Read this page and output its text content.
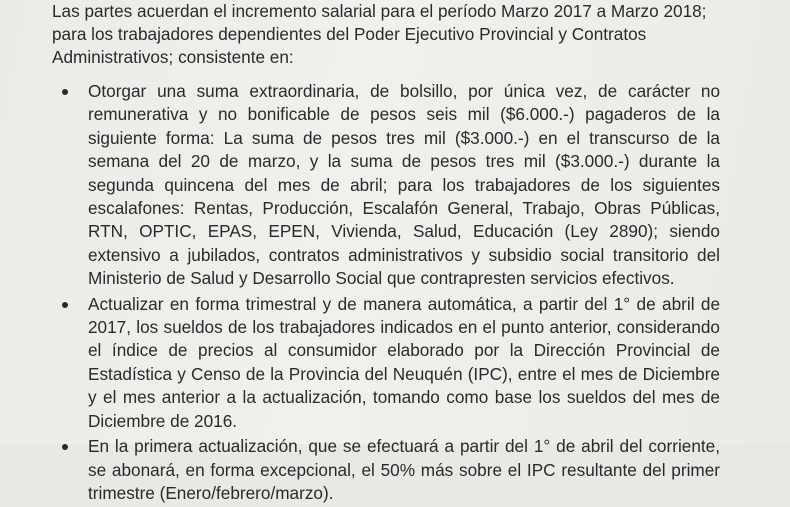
Las partes acuerdan el incremento salarial para el período Marzo 2017 a Marzo 2018; para los trabajadores dependientes del Poder Ejecutivo Provincial y Contratos Administrativos; consistente en:

Otorgar una suma extraordinaria, de bolsillo, por única vez, de carácter no remunerativa y no bonificable de pesos seis mil ($6.000.-) pagaderos de la siguiente forma: La suma de pesos tres mil ($3.000.-) en el transcurso de la semana del 20 de marzo, y la suma de pesos tres mil ($3.000.-) durante la segunda quincena del mes de abril; para los trabajadores de los siguientes escalafones: Rentas, Producción, Escalafón General, Trabajo, Obras Públicas, RTN, OPTIC, EPAS, EPEN, Vivienda, Salud, Educación (Ley 2890); siendo extensivo a jubilados, contratos administrativos y subsidio social transitorio del Ministerio de Salud y Desarrollo Social que contrapresten servicios efectivos.
Actualizar en forma trimestral y de manera automática, a partir del 1° de abril de 2017, los sueldos de los trabajadores indicados en el punto anterior, considerando el índice de precios al consumidor elaborado por la Dirección Provincial de Estadística y Censo de la Provincia del Neuquén (IPC), entre el mes de Diciembre y el mes anterior a la actualización, tomando como base los sueldos del mes de Diciembre de 2016.
En la primera actualización, que se efectuará a partir del 1° de abril del corriente, se abonará, en forma excepcional, el 50% más sobre el IPC resultante del primer trimestre (Enero/febrero/marzo).
